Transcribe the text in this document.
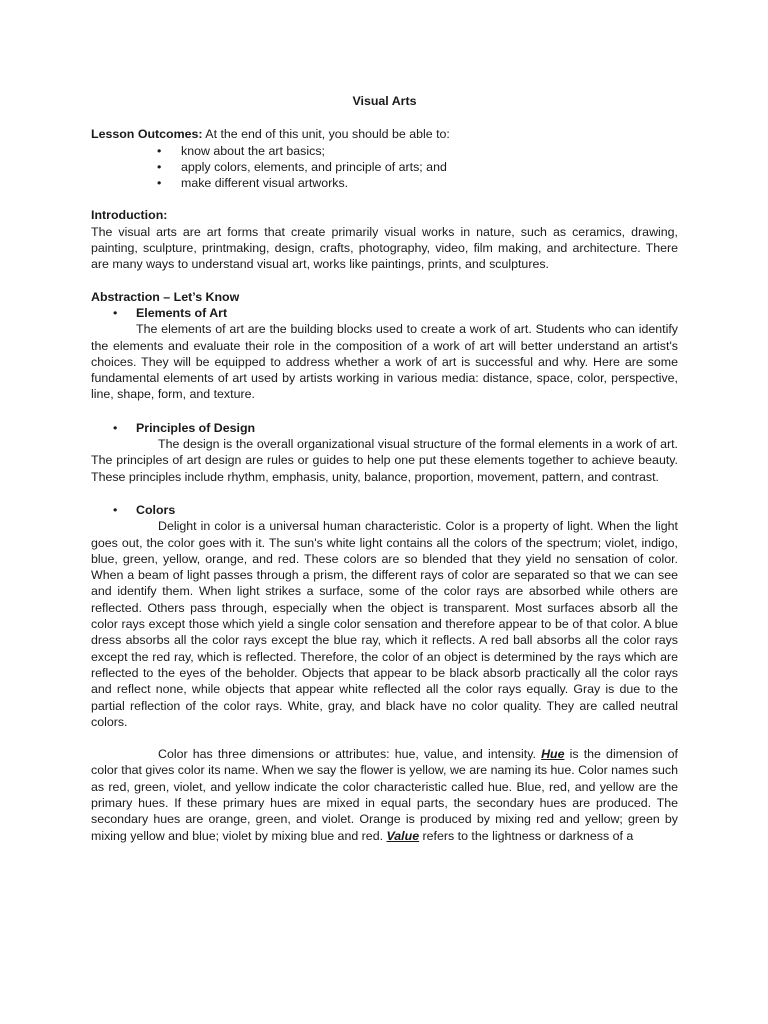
Visual Arts

Lesson Outcomes: At the end of this unit, you should be able to:

• know about the art basics;
• apply colors, elements, and principle of arts; and
• make different visual artworks.
Introduction:

The visual arts are art forms that create primarily visual works in nature, such as ceramics, drawing, painting, sculpture, printmaking, design, crafts, photography, video, film making, and architecture. There are many ways to understand visual art, works like paintings, prints, and sculptures.

Abstraction – Let’s Know
• Elements of Art

The elements of art are the building blocks used to create a work of art. Students who can identify the elements and evaluate their role in the composition of a work of art will better understand an artist's choices. They will be equipped to address whether a work of art is successful and why. Here are some fundamental elements of art used by artists working in various media: distance, space, color, perspective, line, shape, form, and texture.

• Principles of Design

The design is the overall organizational visual structure of the formal elements in a work of art. The principles of art design are rules or guides to help one put these elements together to achieve beauty. These principles include rhythm, emphasis, unity, balance, proportion, movement, pattern, and contrast.

• Colors

Delight in color is a universal human characteristic. Color is a property of light. When the light goes out, the color goes with it. The sun's white light contains all the colors of the spectrum; violet, indigo, blue, green, yellow, orange, and red. These colors are so blended that they yield no sensation of color. When a beam of light passes through a prism, the different rays of color are separated so that we can see and identify them. When light strikes a surface, some of the color rays are absorbed while others are reflected. Others pass through, especially when the object is transparent. Most surfaces absorb all the color rays except those which yield a single color sensation and therefore appear to be of that color. A blue dress absorbs all the color rays except the blue ray, which it reflects. A red ball absorbs all the color rays except the red ray, which is reflected. Therefore, the color of an object is determined by the rays which are reflected to the eyes of the beholder. Objects that appear to be black absorb practically all the color rays and reflect none, while objects that appear white reflected all the color rays equally. Gray is due to the partial reflection of the color rays. White, gray, and black have no color quality. They are called neutral colors.

Color has three dimensions or attributes: hue, value, and intensity. Hue is the dimension of color that gives color its name. When we say the flower is yellow, we are naming its hue. Color names such as red, green, violet, and yellow indicate the color characteristic called hue. Blue, red, and yellow are the primary hues. If these primary hues are mixed in equal parts, the secondary hues are produced. The secondary hues are orange, green, and violet. Orange is produced by mixing red and yellow; green by mixing yellow and blue; violet by mixing blue and red. Value refers to the lightness or darkness of a
